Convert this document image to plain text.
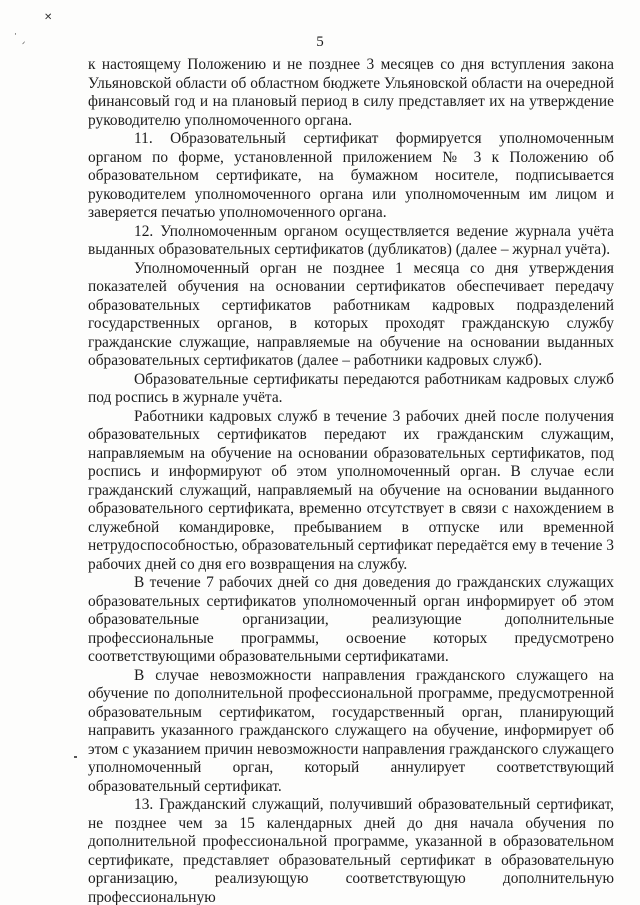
✕
‧
ᐟ	5

к настоящему Положению и не позднее 3 месяцев со дня вступления закона Ульяновской области об областном бюджете Ульяновской области на очередной финансовый год и на плановый период в силу представляет их на утверждение руководителю уполномоченного органа.

11. Образовательный сертификат формируется уполномоченным органом по форме, установленной приложением № 3 к Положению об образовательном сертификате, на бумажном носителе, подписывается руководителем уполномоченного органа или уполномоченным им лицом и заверяется печатью уполномоченного органа.

12. Уполномоченным органом осуществляется ведение журнала учёта выданных образовательных сертификатов (дубликатов) (далее – журнал учёта).

Уполномоченный орган не позднее 1 месяца со дня утверждения показателей обучения на основании сертификатов обеспечивает передачу образовательных сертификатов работникам кадровых подразделений государственных органов, в которых проходят гражданскую службу гражданские служащие, направляемые на обучение на основании выданных образовательных сертификатов (далее – работники кадровых служб).

Образовательные сертификаты передаются работникам кадровых служб под роспись в журнале учёта.

Работники кадровых служб в течение 3 рабочих дней после получения образовательных сертификатов передают их гражданским служащим, направляемым на обучение на основании образовательных сертификатов, под роспись и информируют об этом уполномоченный орган. В случае если гражданский служащий, направляемый на обучение на основании выданного образовательного сертификата, временно отсутствует в связи с нахождением в служебной командировке, пребыванием в отпуске или временной нетрудоспособностью, образовательный сертификат передаётся ему в течение 3 рабочих дней со дня его возвращения на службу.

В течение 7 рабочих дней со дня доведения до гражданских служащих образовательных сертификатов уполномоченный орган информирует об этом образовательные организации, реализующие дополнительные профессиональные программы, освоение которых предусмотрено соответствующими образовательными сертификатами.

В случае невозможности направления гражданского служащего на обучение по дополнительной профессиональной программе, предусмотренной образовательным сертификатом, государственный орган, планирующий направить указанного гражданского служащего на обучение, информирует об этом с указанием причин невозможности направления гражданского служащего уполномоченный орган, который аннулирует соответствующий образовательный сертификат.

13. Гражданский служащий, получивший образовательный сертификат, не позднее чем за 15 календарных дней до дня начала обучения по дополнительной профессиональной программе, указанной в образовательном сертификате, представляет образовательный сертификат в образовательную организацию, реализующую соответствующую дополнительную профессиональную
